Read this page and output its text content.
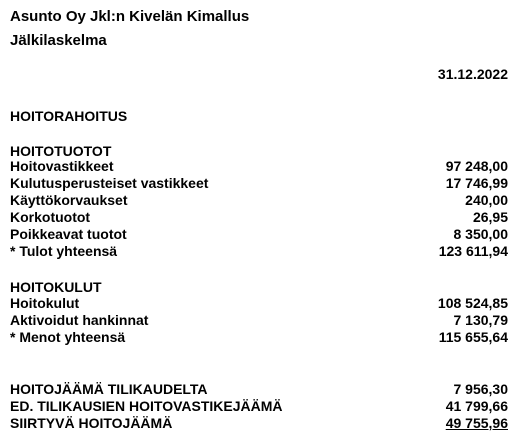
Asunto Oy Jkl:n Kivelän Kimallus
Jälkilaskelma
31.12.2022
HOITORAHOITUS
HOITOTUOTOT
Hoitovastikkeet	97 248,00
Kulutusperusteiset vastikkeet	17 746,99
Käyttökorvaukset	240,00
Korkotuotot	26,95
Poikkeavat tuotot	8 350,00
* Tulot yhteensä	123 611,94
HOITOKULUT
Hoitokulut	108 524,85
Aktivoidut hankinnat	7 130,79
* Menot yhteensä	115 655,64
HOITOJÄÄMÄ TILIKAUDELTA	7 956,30
ED. TILIKAUSIEN HOITOVASTIKEJÄÄMÄ	41 799,66
SIIRTYVÄ HOITOJÄÄMÄ	49 755,96
